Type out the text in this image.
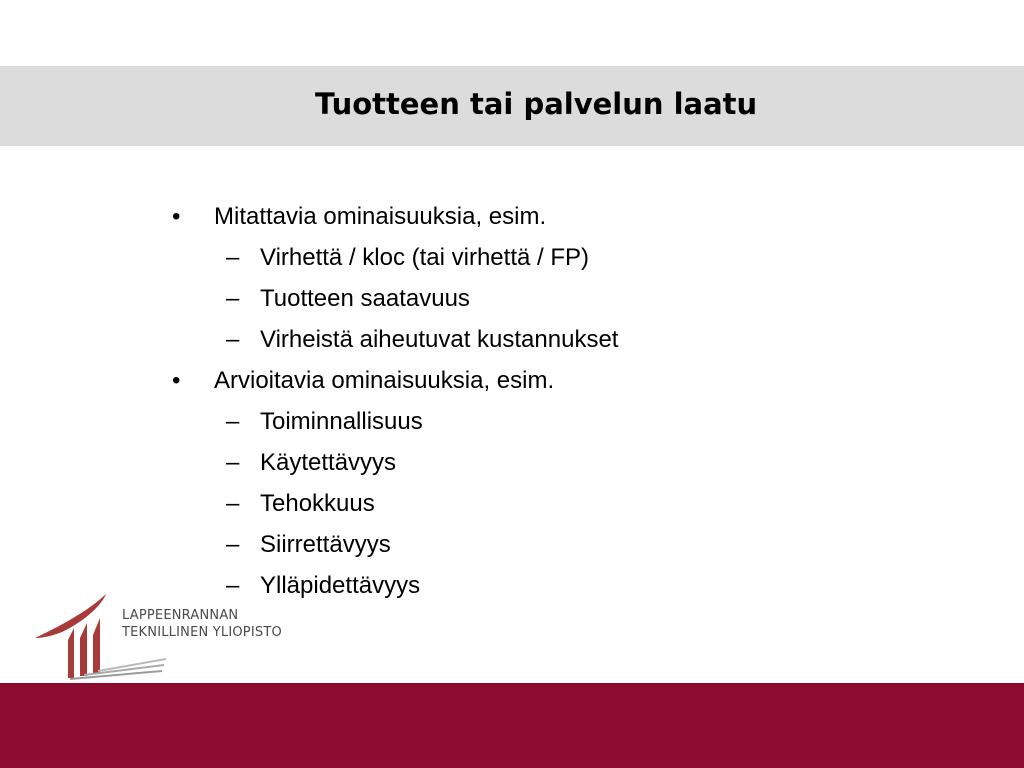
Tuotteen tai palvelun laatu
• Mitattavia ominaisuuksia, esim.
– Virhettä / kloc (tai virhettä / FP)
– Tuotteen saatavuus
– Virheistä aiheutuvat kustannukset
• Arvioitavia ominaisuuksia, esim.
– Toiminnallisuus
– Käytettävyys
– Tehokkuus
– Siirrettävyys
– Ylläpidettävyys
LAPPEENRANNAN
TEKNILLINEN YLIOPISTO
